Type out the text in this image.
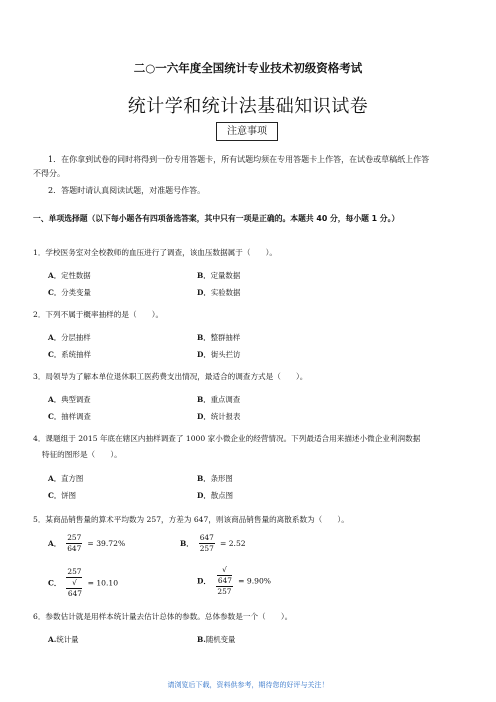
二○一六年度全国统计专业技术初级资格考试
统计学和统计法基础知识试卷
注意事项
1．在你拿到试卷的同时将得到一份专用答题卡，所有试题均须在专用答题卡上作答，在试卷或草稿纸上作答
不得分。
2．答题时请认真阅读试题，对准题号作答。
一、单项选择题（以下每小题各有四项备选答案，其中只有一项是正确的。本题共 40 分，每小题 1 分。）
1．学校医务室对全校教师的血压进行了调查，该血压数据属于（　　）。
A．定性数据	B．定量数据
C．分类变量	D．实验数据
2．下列不属于概率抽样的是（　　）。
A．分层抽样	B．整群抽样
C．系统抽样	D．街头拦访
3．局领导为了解本单位退休职工医药费支出情况，最适合的调查方式是（　　）。
A．典型调查	B．重点调查
C．抽样调查	D．统计报表
4．课题组于 2015 年底在辖区内抽样调查了 1000 家小微企业的经营情况。下列最适合用来描述小微企业利润数据
特征的图形是（　　）。
A．直方图	B．条形图
C．饼图	D．散点图
5．某商品销售量的算术平均数为 257，方差为 647，则该商品销售量的离散系数为（　　）。
A． $\frac{257}{647} = 39.72\%$	B． $\frac{647}{257} = 2.52$
C． 257
√
647 = 10.10	D． √
647
257 = 9.90%
6．参数估计就是用样本统计量去估计总体的参数。总体参数是一个（　　）。
A.统计量	B.随机变量
请浏览后下载，资料供参考，期待您的好评与关注！
